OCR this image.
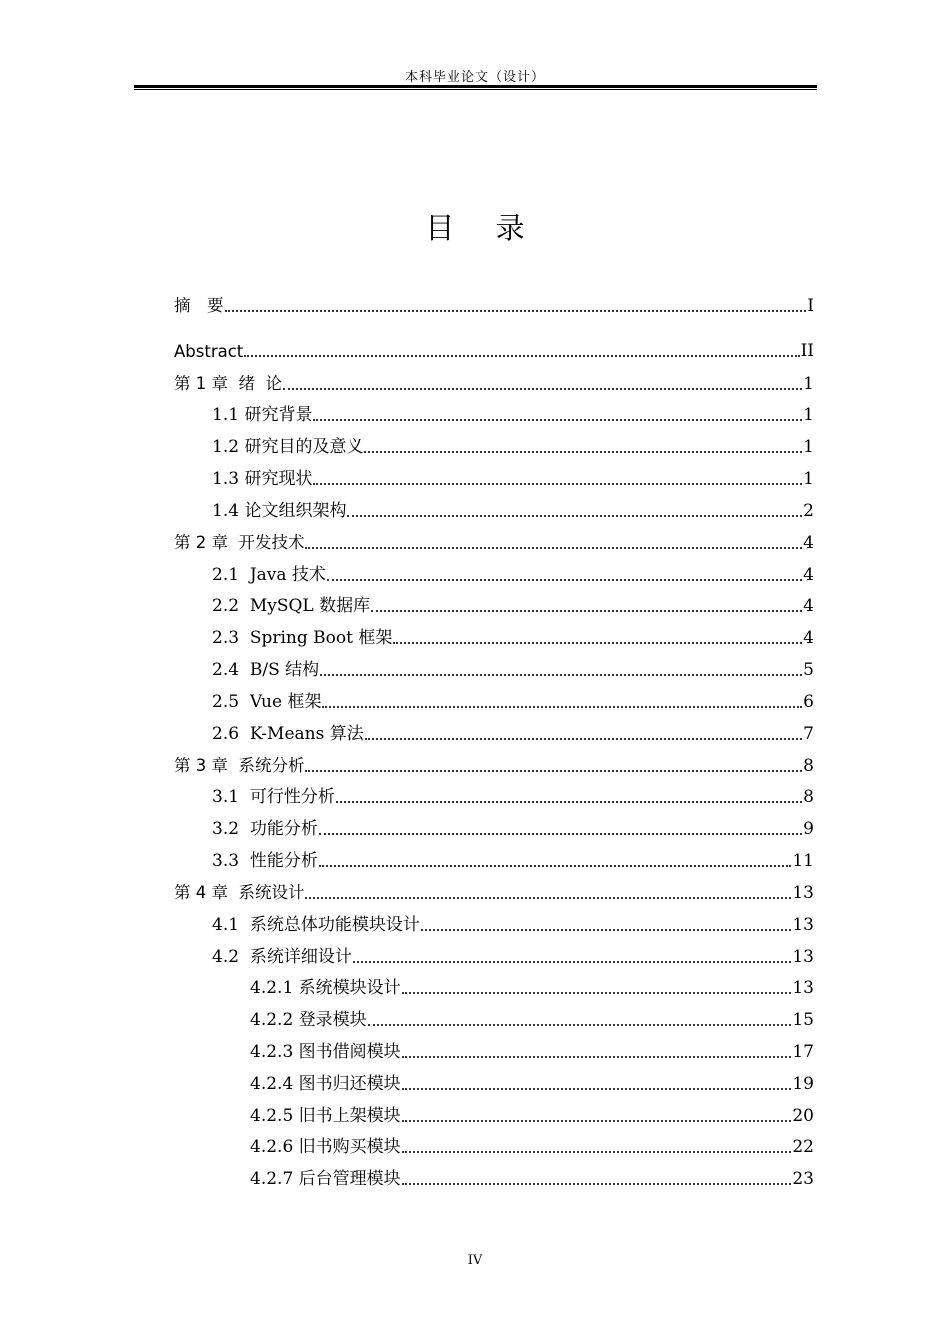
本科毕业论文（设计）
目 录
摘　要	I
Abstract	II
第 1 章  绪  论	1
1.1 研究背景	1
1.2 研究目的及意义	1
1.3 研究现状	1
1.4 论文组织架构	2
第 2 章  开发技术	4
2.1  Java 技术	4
2.2  MySQL 数据库	4
2.3  Spring Boot 框架	4
2.4  B/S 结构	5
2.5  Vue 框架	6
2.6  K-Means 算法	7
第 3 章  系统分析	8
3.1  可行性分析	8
3.2  功能分析	9
3.3  性能分析	11
第 4 章  系统设计	13
4.1  系统总体功能模块设计	13
4.2  系统详细设计	13
4.2.1 系统模块设计	13
4.2.2 登录模块	15
4.2.3 图书借阅模块	17
4.2.4 图书归还模块	19
4.2.5 旧书上架模块	20
4.2.6 旧书购买模块	22
4.2.7 后台管理模块	23
IV
